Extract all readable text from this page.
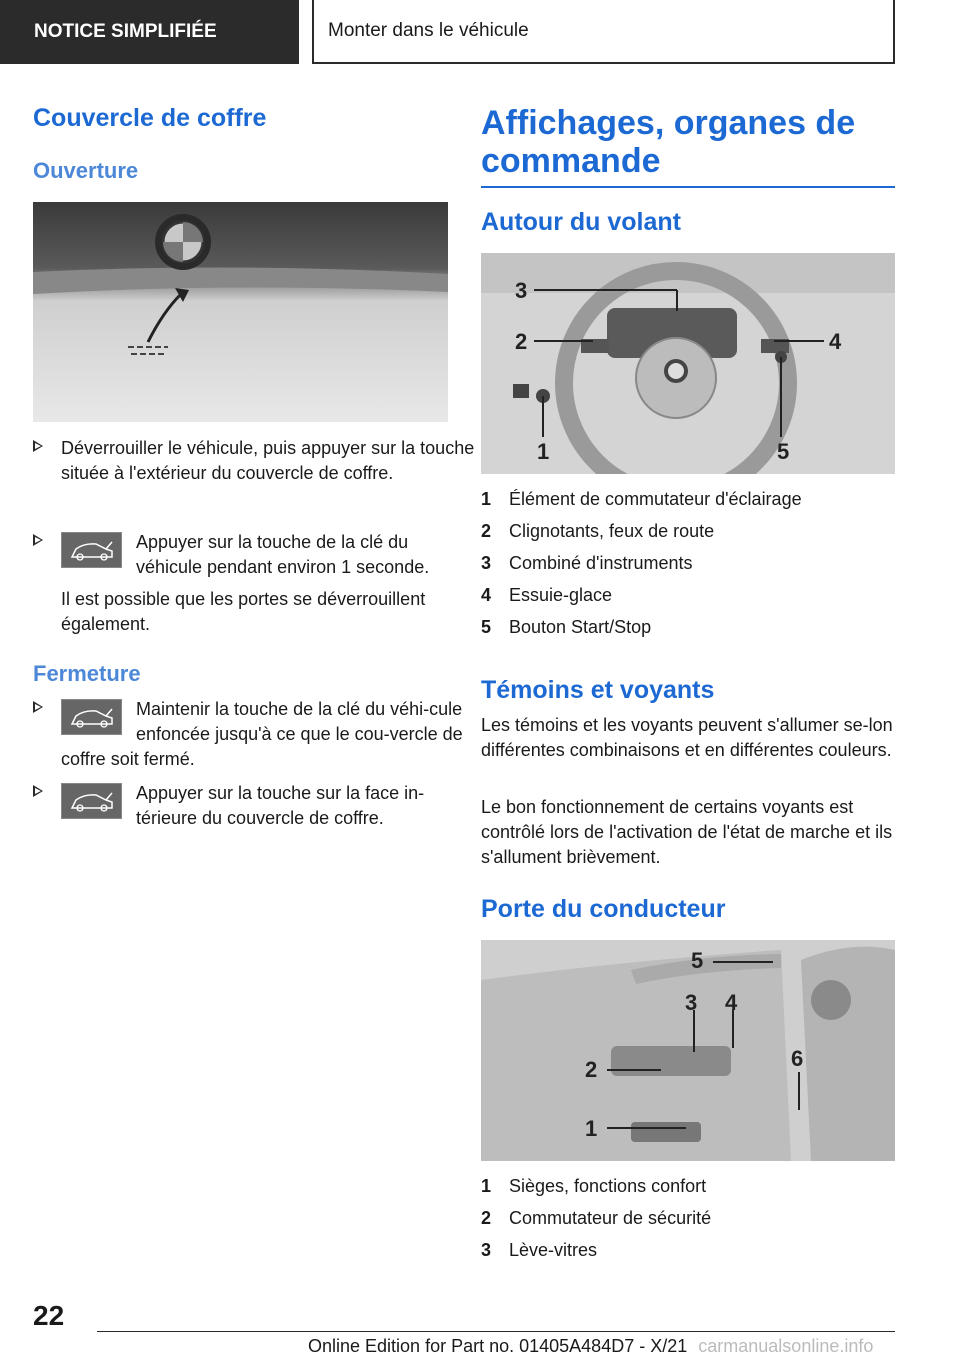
NOTICE SIMPLIFIÉE	Monter dans le véhicule
Couvercle de coffre
Ouverture
Déverrouiller le véhicule, puis appuyer sur la touche située à l'extérieur du couvercle de coffre.
Appuyer sur la touche de la clé du véhicule pendant environ 1 seconde.

Il est possible que les portes se déverrouillent également.

Fermeture
Maintenir la touche de la clé du véhi‐cule enfoncée jusqu'à ce que le cou‐vercle de coffre soit fermé.
Appuyer sur la touche sur la face in‐térieure du couvercle de coffre.
Affichages, organes de commande
Autour du volant
1
2
3
4
5
1 Élément de commutateur d'éclairage
2 Clignotants, feux de route
3 Combiné d'instruments
4 Essuie-glace
5 Bouton Start/Stop
Témoins et voyants

Les témoins et les voyants peuvent s'allumer se‐lon différentes combinaisons et en différentes couleurs.

Le bon fonctionnement de certains voyants est contrôlé lors de l'activation de l'état de marche et ils s'allument brièvement.

Porte du conducteur
1
2
3 4
5
6
1 Sièges, fonctions confort
2 Commutateur de sécurité
3 Lève-vitres
22
Online Edition for Part no. 01405A484D7 - X/21 carmanualsonline.info
